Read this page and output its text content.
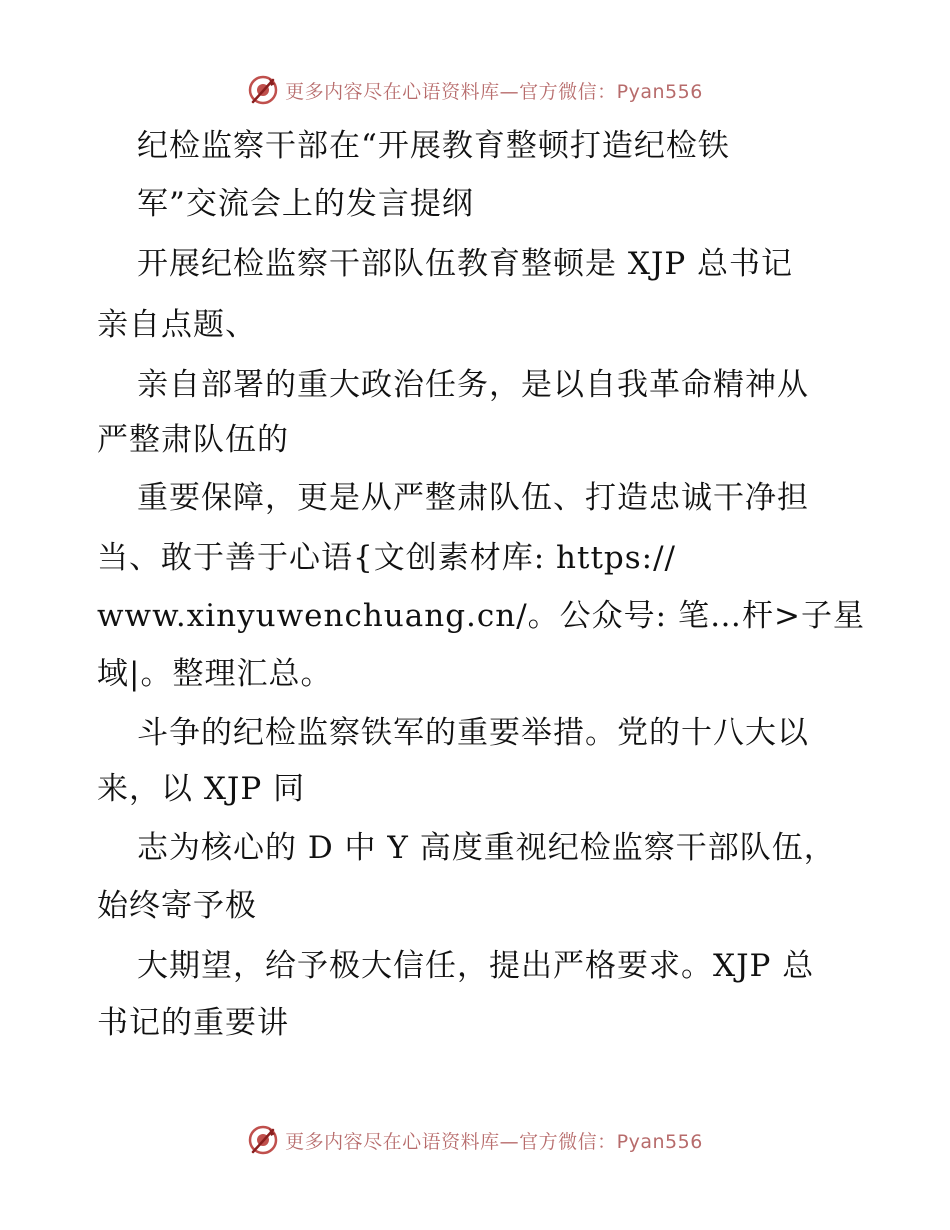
更多内容尽在心语资料库—官方微信：Pyan556
纪检监察干部在“开展教育整顿打造纪检铁
军”交流会上的发言提纲
开展纪检监察干部队伍教育整顿是 XJP 总书记
亲自点题、
亲自部署的重大政治任务，是以自我革命精神从
严整肃队伍的
重要保障，更是从严整肃队伍、打造忠诚干净担
当、敢于善于心语{文创素材库: https://
www.xinyuwenchuang.cn/。公众号: 笔…杆>子星
域|。整理汇总。
斗争的纪检监察铁军的重要举措。党的十八大以
来，以 XJP 同
志为核心的 D 中 Y 高度重视纪检监察干部队伍，
始终寄予极
大期望，给予极大信任，提出严格要求。XJP 总
书记的重要讲
更多内容尽在心语资料库—官方微信：Pyan556
